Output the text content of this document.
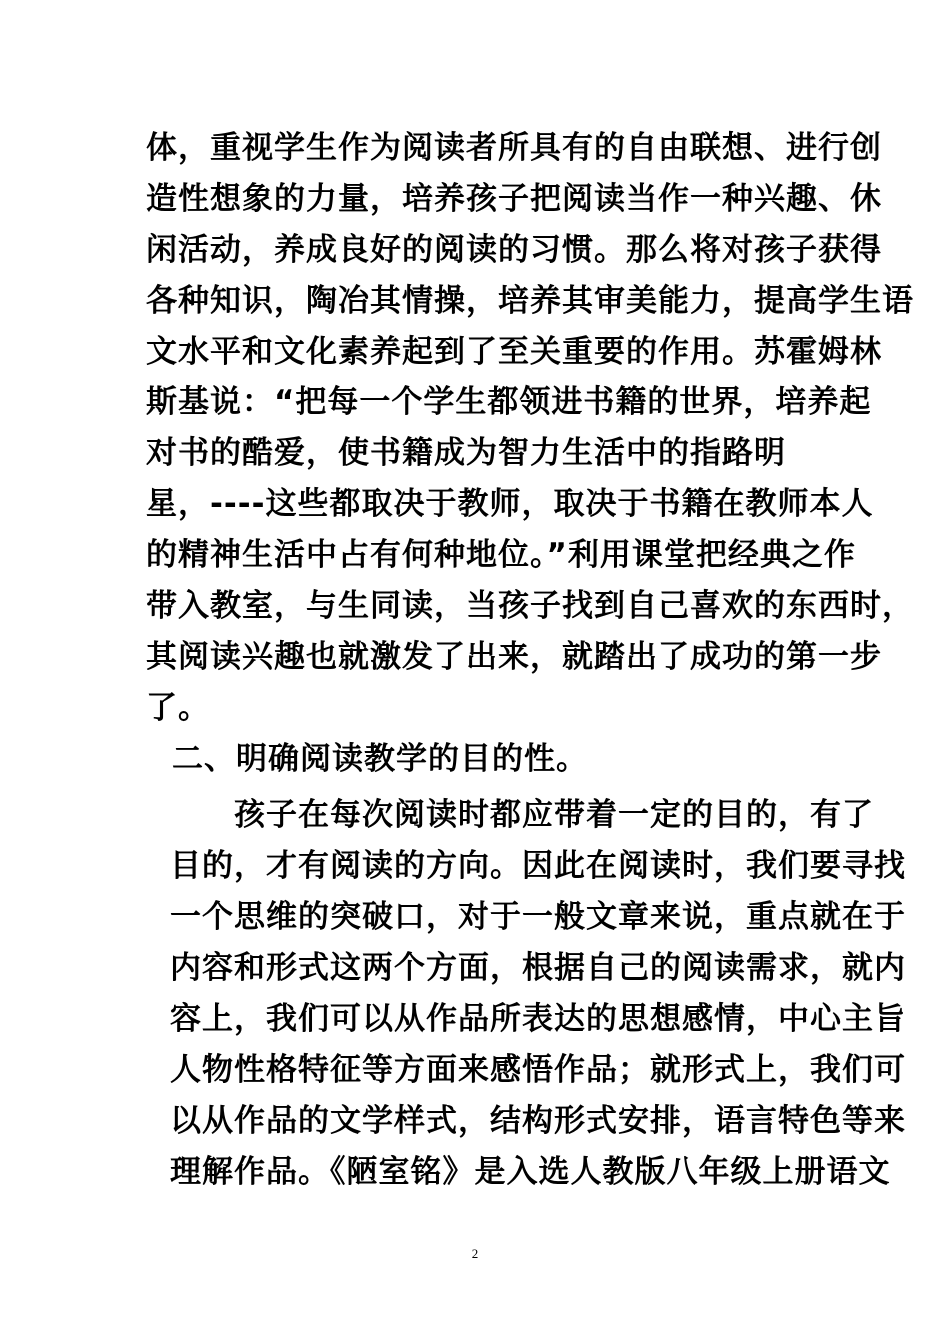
体，重视学生作为阅读者所具有的自由联想、进行创
造性想象的力量，培养孩子把阅读当作一种兴趣、休
闲活动，养成良好的阅读的习惯。那么将对孩子获得
各种知识，陶冶其情操，培养其审美能力，提高学生语
文水平和文化素养起到了至关重要的作用。苏霍姆林
斯基说：“把每一个学生都领进书籍的世界，培养起
对书的酷爱，使书籍成为智力生活中的指路明
星，----这些都取决于教师，取决于书籍在教师本人
的精神生活中占有何种地位。”利用课堂把经典之作
带入教室，与生同读，当孩子找到自己喜欢的东西时，
其阅读兴趣也就激发了出来，就踏出了成功的第一步
了。
二、明确阅读教学的目的性。
　　孩子在每次阅读时都应带着一定的目的，有了
目的，才有阅读的方向。因此在阅读时，我们要寻找
一个思维的突破口，对于一般文章来说，重点就在于
内容和形式这两个方面，根据自己的阅读需求，就内
容上，我们可以从作品所表达的思想感情，中心主旨
人物性格特征等方面来感悟作品；就形式上，我们可
以从作品的文学样式，结构形式安排，语言特色等来
理解作品。《陋室铭》是入选人教版八年级上册语文
2
